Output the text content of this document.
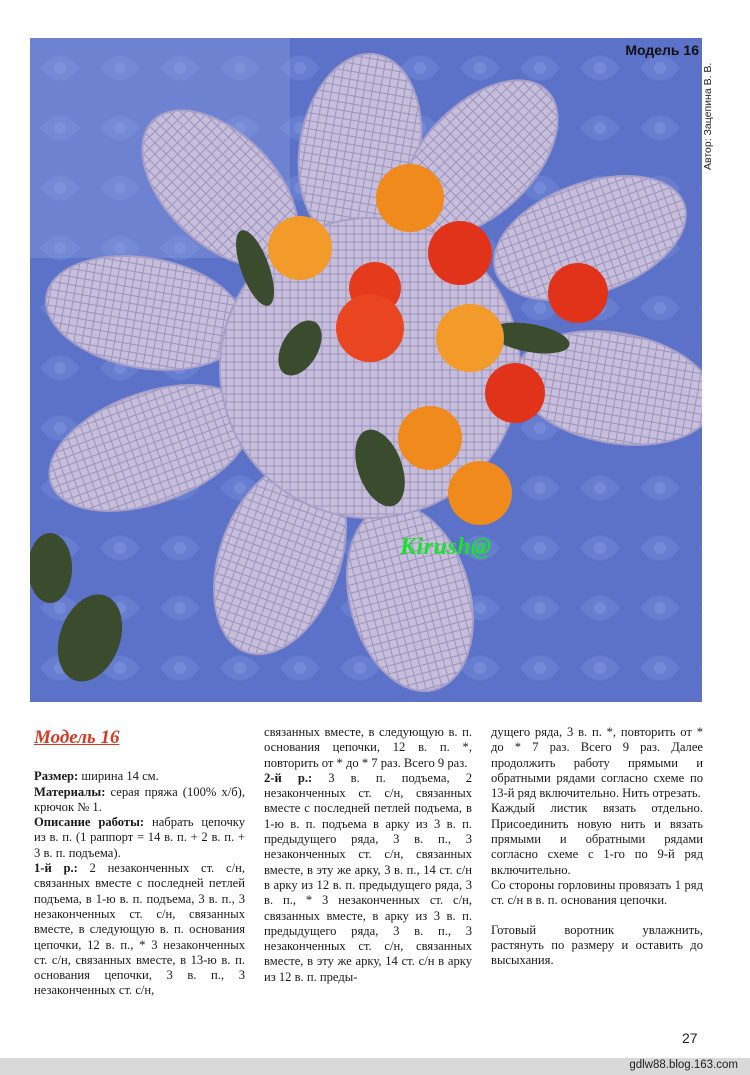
Модель 16
Автор: Зацепина В. В.
Kirush@

Модель 16

Размер: ширина 14 см.

Материалы: серая пряжа (100% х/б), крючок № 1.

Описание работы: набрать цепочку из в. п. (1 раппорт = 14 в. п. + 2 в. п. + 3 в. п. подъема).

1-й р.: 2 незаконченных ст. с/н, связанных вместе с последней петлей подъема, в 1-ю в. п. подъема, 3 в. п., 3 незаконченных ст. с/н, связанных вместе, в следующую в. п. основания цепочки, 12 в. п., * 3 незаконченных ст. с/н, связанных вместе, в 13-ю в. п. основания цепочки, 3 в. п., 3 незаконченных ст. с/н,

связанных вместе, в следующую в. п. основания цепочки, 12 в. п. *, повторить от * до * 7 раз. Всего 9 раз.

2-й р.: 3 в. п. подъема, 2 незаконченных ст. с/н, связанных вместе с последней петлей подъема, в 1-ю в. п. подъема в арку из 3 в. п. предыдущего ряда, 3 в. п., 3 незаконченных ст. с/н, связанных вместе, в эту же арку, 3 в. п., 14 ст. с/н в арку из 12 в. п. предыдущего ряда, 3 в. п., * 3 незаконченных ст. с/н, связанных вместе, в арку из 3 в. п. предыдущего ряда, 3 в. п., 3 незаконченных ст. с/н, связанных вместе, в эту же арку, 14 ст. с/н в арку из 12 в. п. преды-

дущего ряда, 3 в. п. *, повторить от * до * 7 раз. Всего 9 раз. Далее продолжить работу прямыми и обратными рядами согласно схеме по 13-й ряд включительно. Нить отрезать.

Каждый листик вязать отдельно. Присоединить новую нить и вязать прямыми и обратными рядами согласно схеме с 1-го по 9-й ряд включительно.

Со стороны горловины провязать 1 ряд ст. с/н в в. п. основания цепочки.

Готовый воротник увлажнить, растянуть по размеру и оставить до высыхания.

27
gdlw88.blog.163.com
